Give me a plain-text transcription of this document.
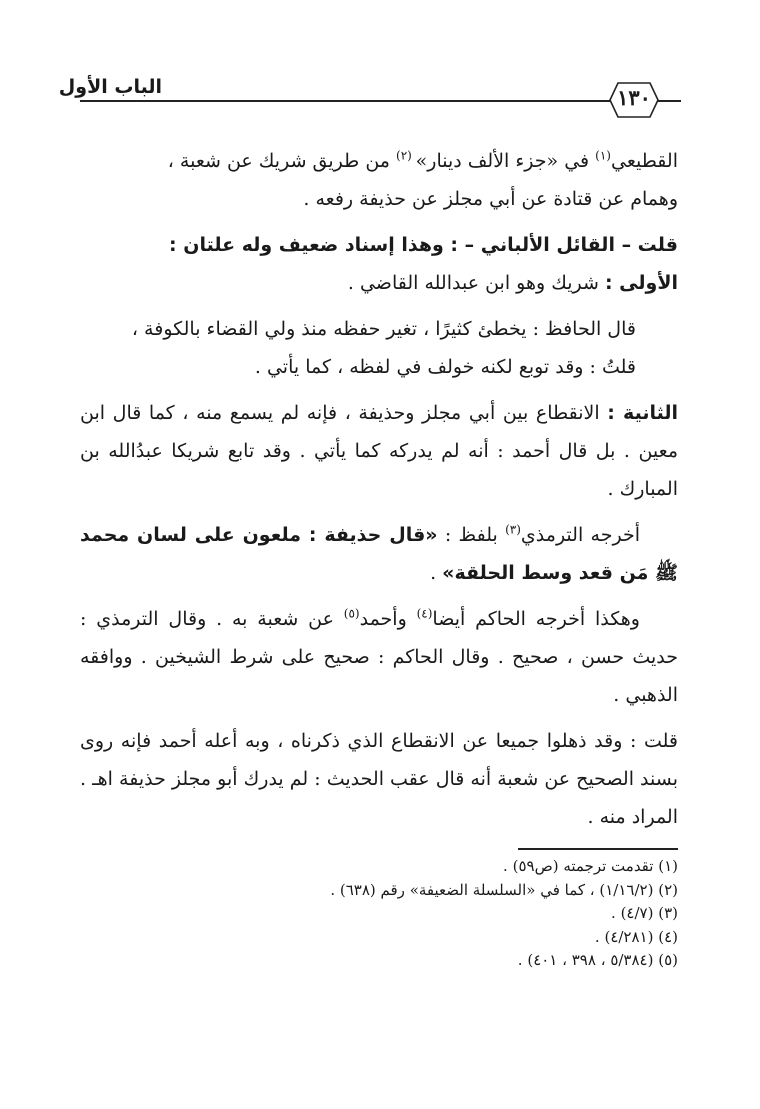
الباب الأول	١٣٠

القطيعي$^{(١)}$ في «جزء الألف دينار» $^{(٢)}$ من طريق شريك عن شعبة ،
وهمام عن قتادة عن أبي مجلز عن حذيفة رفعه .

قلت – القائل الألباني – : وهذا إسناد ضعيف وله علتان :

الأولى : شريك وهو ابن عبدالله القاضي .

قال الحافظ : يخطئ كثيرًا ، تغير حفظه منذ ولي القضاء بالكوفة ،
قلتُ : وقد توبع لكنه خولف في لفظه ، كما يأتي .

الثانية : الانقطاع بين أبي مجلز وحذيفة ، فإنه لم يسمع منه ، كما قال ابن معين . بل قال أحمد : أنه لم يدركه كما يأتي . وقد تابع شريكا عبدُالله بن المبارك .

أخرجه الترمذي$^{(٣)}$ بلفظ : «قال حذيفة : ملعون على لسان محمد ﷺ مَن قعد وسط الحلقة» .

وهكذا أخرجه الحاكم أيضا$^{(٤)}$ وأحمد$^{(٥)}$ عن شعبة به . وقال الترمذي : حديث حسن ، صحيح . وقال الحاكم : صحيح على شرط الشيخين . ووافقه الذهبي .

قلت : وقد ذهلوا جميعا عن الانقطاع الذي ذكرناه ، وبه أعله أحمد فإنه روى بسند الصحيح عن شعبة أنه قال عقب الحديث : لم يدرك أبو مجلز حذيفة اهـ . المراد منه .

(١) تقدمت ترجمته (ص٥٩) .
(٢) (١/١٦/٢) ، كما في «السلسلة الضعيفة» رقم (٦٣٨) .
(٣) (٤/٧) .
(٤) (٤/٢٨١) .
(٥) (٥/٣٨٤ ، ٣٩٨ ، ٤٠١) .
